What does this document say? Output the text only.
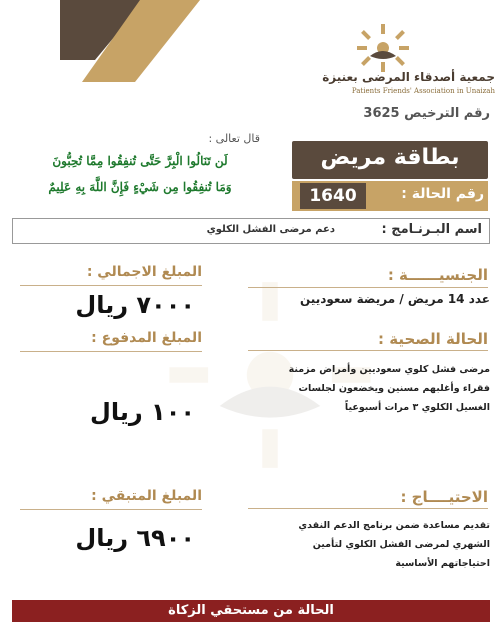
جمعية أصدقاء المرضى بعنيزة
Patients Friends' Association in Unaizah
رقم الترخيص 3625
قال تعالى :
لَن تَنَالُوا الْبِرَّ حَتَّى تُنفِقُوا مِمَّا تُحِبُّونَ
وَمَا تُنفِقُوا مِن شَيْءٍ فَإِنَّ اللَّهَ بِهِ عَلِيمٌ
بطاقة مريض
رقم الحالة :
1640
اسم البـرنـامج :
دعم مرضى الفشل الكلوي
الجنسيــــــة :
عدد 14 مريض / مريضة سعوديين
الحالة الصحية :
مرضى فشل كلوي سعوديين وأمراض مزمنة
فقراء وأغلبهم مسنين ويخضعون لجلسات
الغسيل الكلوي ٣ مرات أسبوعياً
الاحتيــــاج :
تقديم مساعدة ضمن برنامج الدعم النقدي
الشهري لمرضى الفشل الكلوي لتأمين
احتياجاتهم الأساسية
المبلغ الاجمالي :
٧٠٠٠ ريال
المبلغ المدفوع :
١٠٠ ريال
المبلغ المتبقي :
٦٩٠٠ ريال
الحالة من مستحقي الزكاة
